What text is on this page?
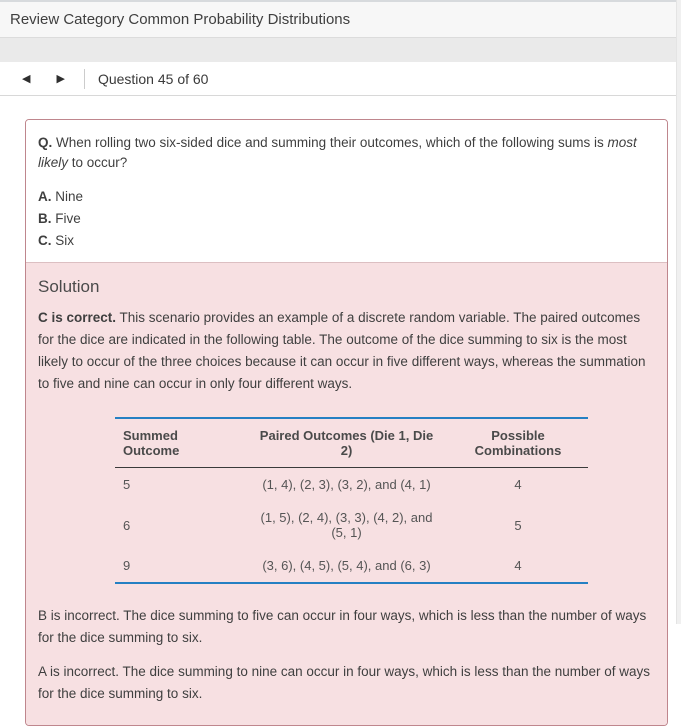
Review Category Common Probability Distributions
◀	▶	Question 45 of 60

Q. When rolling two six-sided dice and summing their outcomes, which of the following sums is most likely to occur?

A. Nine
B. Five
C. Six
Solution

C is correct. This scenario provides an example of a discrete random variable. The paired outcomes for the dice are indicated in the following table. The outcome of the dice summing to six is the most likely to occur of the three choices because it can occur in five different ways, whereas the summation to five and nine can occur in only four different ways.

Summed Outcome	Paired Outcomes (Die 1, Die 2)	Possible Combinations
5	(1, 4), (2, 3), (3, 2), and (4, 1)	4
6	(1, 5), (2, 4), (3, 3), (4, 2), and (5, 1)	5
9	(3, 6), (4, 5), (5, 4), and (6, 3)	4

B is incorrect. The dice summing to five can occur in four ways, which is less than the number of ways for the dice summing to six.

A is incorrect. The dice summing to nine can occur in four ways, which is less than the number of ways for the dice summing to six.
